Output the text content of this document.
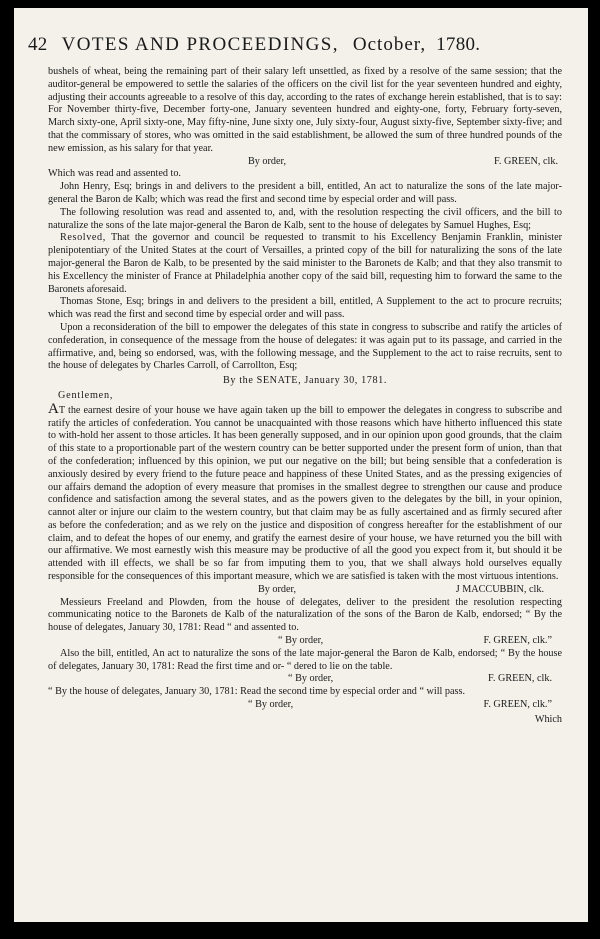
42 VOTES AND PROCEEDINGS, October, 1780.

bushels of wheat, being the remaining part of their salary left unsettled, as fixed by a resolve of the same session; that the auditor-general be empowered to settle the salaries of the officers on the civil list for the year seventeen hundred and eighty, adjusting their accounts agreeable to a resolve of this day, according to the rates of exchange herein established, that is to say: For November thirty-five, December forty-one, January seventeen hundred and eighty-one, forty, February forty-seven, March sixty-one, April sixty-one, May fifty-nine, June sixty one, July sixty-four, August sixty-five, September sixty-five; and that the commissary of stores, who was omitted in the said establishment, be allowed the sum of three hundred pounds of the new emission, as his salary for that year.

By order,	F. GREEN, clk.

Which was read and assented to.

John Henry, Esq; brings in and delivers to the president a bill, entitled, An act to naturalize the sons of the late major-general the Baron de Kalb; which was read the first and second time by especial order and will pass.

The following resolution was read and assented to, and, with the resolution respecting the civil officers, and the bill to naturalize the sons of the late major-general the Baron de Kalb, sent to the house of delegates by Samuel Hughes, Esq;

Resolved, That the governor and council be requested to transmit to his Excellency Benjamin Franklin, minister plenipotentiary of the United States at the court of Versailles, a printed copy of the bill for naturalizing the sons of the late major-general the Baron de Kalb, to be presented by the said minister to the Baronets de Kalb; and that they also transmit to his Excellency the minister of France at Philadelphia another copy of the said bill, requesting him to forward the same to the Baronets aforesaid.

Thomas Stone, Esq; brings in and delivers to the president a bill, entitled, A Supplement to the act to procure recruits; which was read the first and second time by especial order and will pass.

Upon a reconsideration of the bill to empower the delegates of this state in congress to subscribe and ratify the articles of confederation, in consequence of the message from the house of delegates: it was again put to its passage, and carried in the affirmative, and, being so endorsed, was, with the following message, and the Supplement to the act to raise recruits, sent to the house of delegates by Charles Carroll, of Carrollton, Esq;

By the SENATE, January 30, 1781.
Gentlemen,

AT the earnest desire of your house we have again taken up the bill to empower the delegates in congress to subscribe and ratify the articles of confederation. You cannot be unacquainted with those reasons which have hitherto influenced this state to with-hold her assent to those articles. It has been generally supposed, and in our opinion upon good grounds, that the claim of this state to a proportionable part of the western country can be better supported under the present form of union, than that of the confederation; influenced by this opinion, we put our negative on the bill; but being sensible that a confederation is anxiously desired by every friend to the future peace and happiness of these United States, and as the pressing exigencies of our affairs demand the adoption of every measure that promises in the smallest degree to strengthen our cause and produce confidence and satisfaction among the several states, and as the powers given to the delegates by the bill, in your opinion, cannot alter or injure our claim to the western country, but that claim may be as fully ascertained and as firmly secured after as before the confederation; and as we rely on the justice and disposition of congress hereafter for the establishment of our claim, and to defeat the hopes of our enemy, and gratify the earnest desire of your house, we have returned you the bill with our affirmative. We most earnestly wish this measure may be productive of all the good you expect from it, but should it be attended with ill effects, we shall be so far from imputing them to you, that we shall always hold ourselves equally responsible for the consequences of this important measure, which we are satisfied is taken with the most virtuous intentions.

By order,	J MACCUBBIN, clk.

Messieurs Freeland and Plowden, from the house of delegates, deliver to the president the resolution respecting communicating notice to the Baronets de Kalb of the naturalization of the sons of the Baron de Kalb, endorsed; “ By the house of delegates, January 30, 1781: Read “ and assented to.

“ By order,	F. GREEN, clk.”

Also the bill, entitled, An act to naturalize the sons of the late major-general the Baron de Kalb, endorsed; “ By the house of delegates, January 30, 1781: Read the first time and or- “ dered to lie on the table.

“ By order,	F. GREEN, clk.

“ By the house of delegates, January 30, 1781: Read the second time by especial order and “ will pass.

“ By order,	F. GREEN, clk.”
Which
